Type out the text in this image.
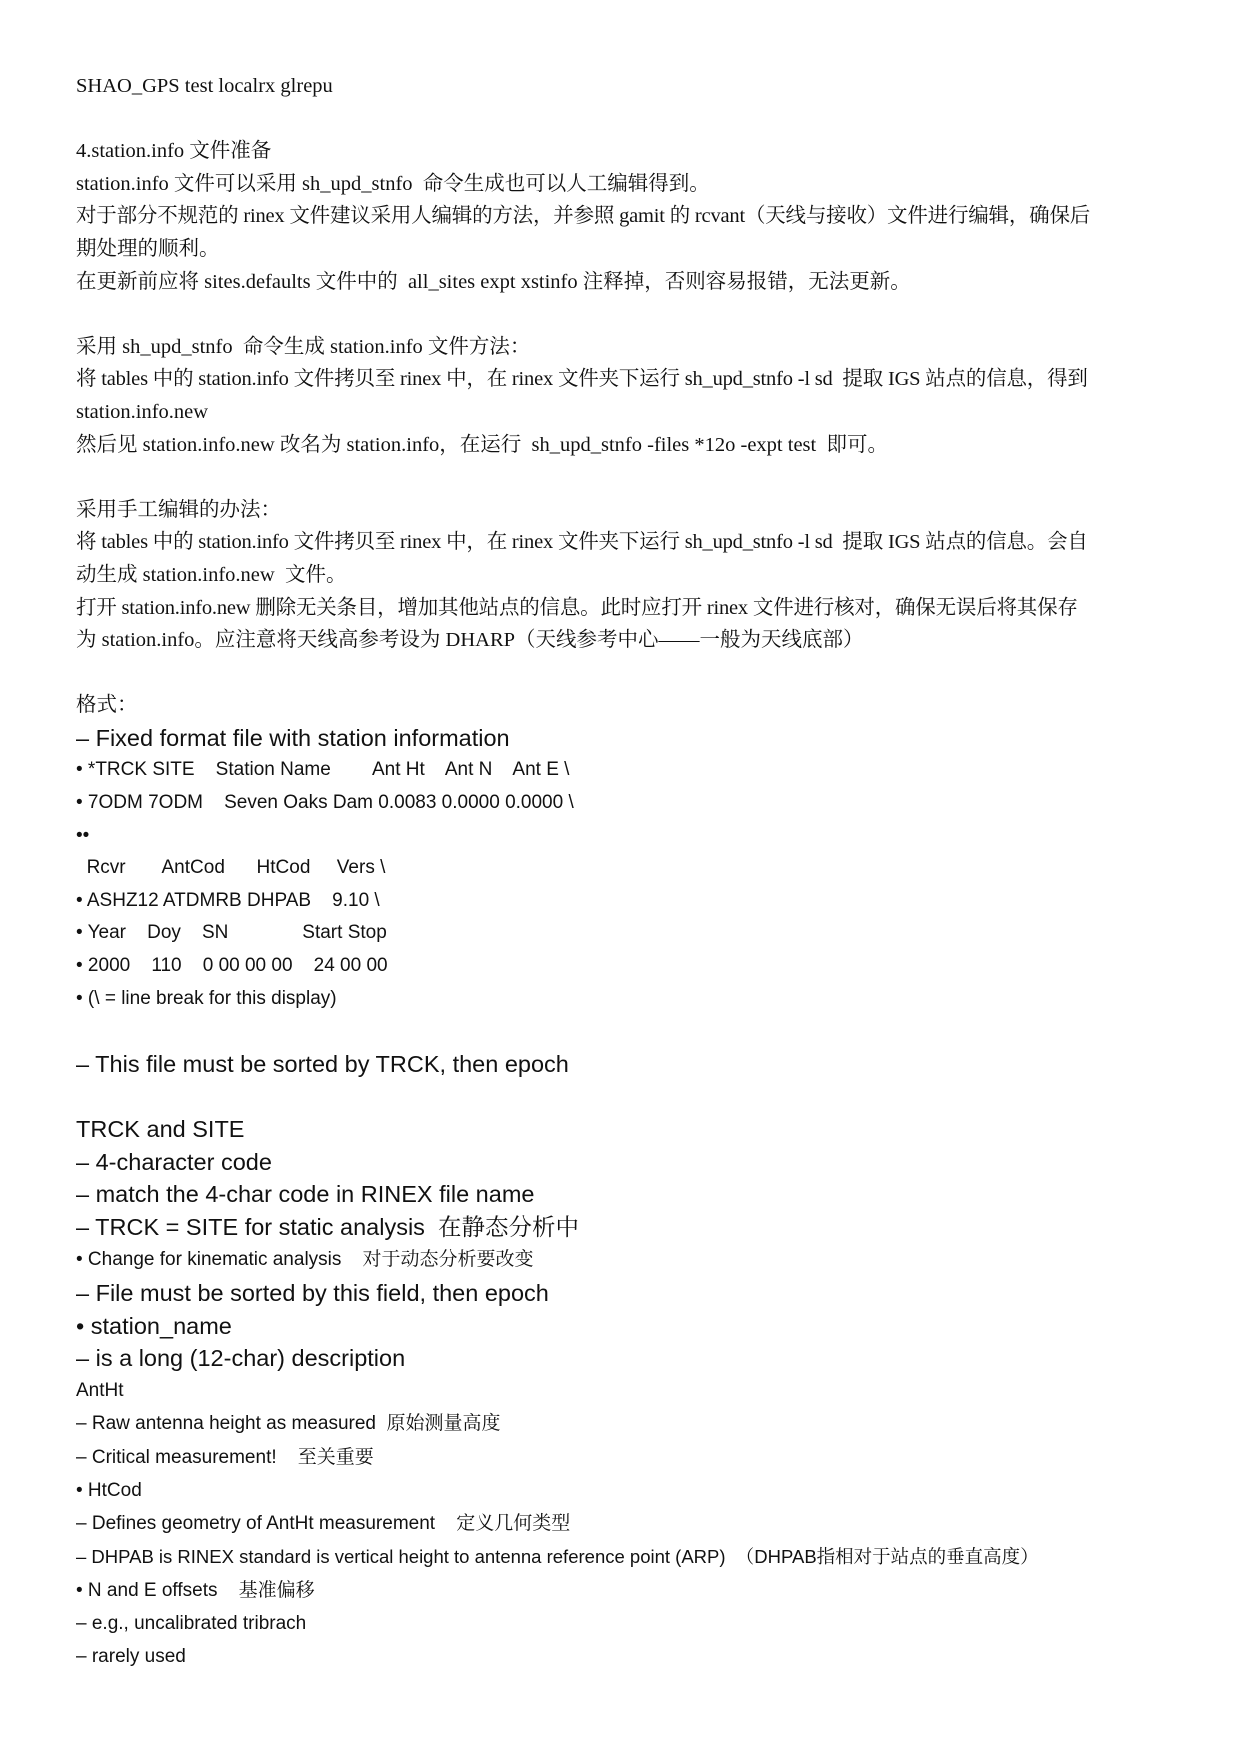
SHAO_GPS test localrx glrepu

4.station.info 文件准备

station.info 文件可以采用 sh_upd_stnfo  命令生成也可以人工编辑得到。

对于部分不规范的 rinex 文件建议采用人编辑的方法，并参照 gamit 的 rcvant（天线与接收）文件进行编辑，确保后

期处理的顺利。

在更新前应将 sites.defaults 文件中的  all_sites expt xstinfo 注释掉，否则容易报错，无法更新。

采用 sh_upd_stnfo  命令生成 station.info 文件方法：

将 tables 中的 station.info 文件拷贝至 rinex 中，在 rinex 文件夹下运行 sh_upd_stnfo -l sd  提取 IGS 站点的信息，得到

station.info.new

然后见 station.info.new 改名为 station.info，在运行  sh_upd_stnfo -files *12o -expt test  即可。

采用手工编辑的办法：

将 tables 中的 station.info 文件拷贝至 rinex 中，在 rinex 文件夹下运行 sh_upd_stnfo -l sd  提取 IGS 站点的信息。会自

动生成 station.info.new  文件。

打开 station.info.new 删除无关条目，增加其他站点的信息。此时应打开 rinex 文件进行核对，确保无误后将其保存

为 station.info。应注意将天线高参考设为 DHARP（天线参考中心——一般为天线底部）

格式：

– Fixed format file with station information

• *TRCK SITE    Station Name        Ant Ht    Ant N    Ant E \

• 7ODM 7ODM    Seven Oaks Dam 0.0083 0.0000 0.0000 \

••

Rcvr       AntCod      HtCod     Vers \

• ASHZ12 ATDMRB DHPAB    9.10 \

• Year    Doy    SN              Start Stop

• 2000    110    0 00 00 00    24 00 00

• (\ = line break for this display)

– This file must be sorted by TRCK, then epoch

TRCK and SITE

– 4-character code

– match the 4-char code in RINEX file name

– TRCK = SITE for static analysis  在静态分析中

• Change for kinematic analysis    对于动态分析要改变

– File must be sorted by this field, then epoch

• station_name

– is a long (12-char) description

AntHt

– Raw antenna height as measured  原始测量高度

– Critical measurement!    至关重要

• HtCod

– Defines geometry of AntHt measurement    定义几何类型

– DHPAB is RINEX standard is vertical height to antenna reference point (ARP)  （DHPAB指相对于站点的垂直高度）

• N and E offsets    基准偏移

– e.g., uncalibrated tribrach

– rarely used
